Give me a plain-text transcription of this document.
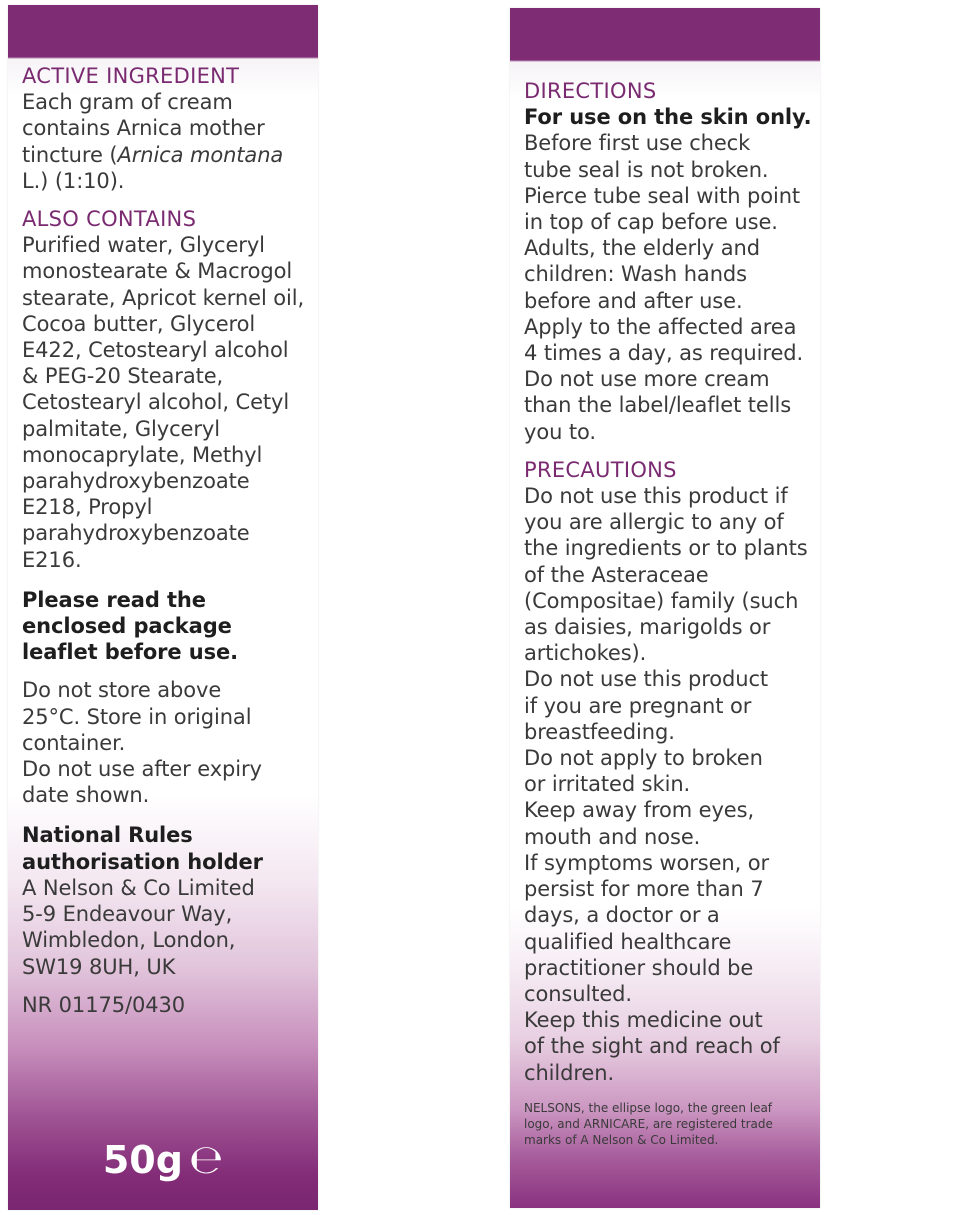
ACTIVE INGREDIENT

Each gram of cream contains Arnica mother tincture (Arnica montana L.) (1:10).

ALSO CONTAINS

Purified water, Glyceryl monostearate & Macrogol stearate, Apricot kernel oil, Cocoa butter, Glycerol E422, Cetostearyl alcohol & PEG-20 Stearate, Cetostearyl alcohol, Cetyl palmitate, Glyceryl monocaprylate, Methyl parahydroxybenzoate E218, Propyl parahydroxybenzoate E216.

Please read the enclosed package leaflet before use.

Do not store above 25°C. Store in original container.

Do not use after expiry date shown.

National Rules authorisation holder

A Nelson & Co Limited

5-9 Endeavour Way,

Wimbledon, London,

SW19 8UH, UK

NR 01175/0430

50g ℮

DIRECTIONS

For use on the skin only.

Before first use check tube seal is not broken.

Pierce tube seal with point in top of cap before use.

Adults, the elderly and children: Wash hands before and after use.

Apply to the affected area 4 times a day, as required.

Do not use more cream than the label/leaflet tells you to.

PRECAUTIONS

Do not use this product if you are allergic to any of the ingredients or to plants of the Asteraceae (Compositae) family (such as daisies, marigolds or artichokes).

Do not use this product if you are pregnant or breastfeeding.

Do not apply to broken or irritated skin.

Keep away from eyes, mouth and nose.

If symptoms worsen, or persist for more than 7 days, a doctor or a qualified healthcare practitioner should be consulted.

Keep this medicine out of the sight and reach of children.

NELSONS, the ellipse logo, the green leaf logo, and ARNICARE, are registered trade marks of A Nelson & Co Limited.
